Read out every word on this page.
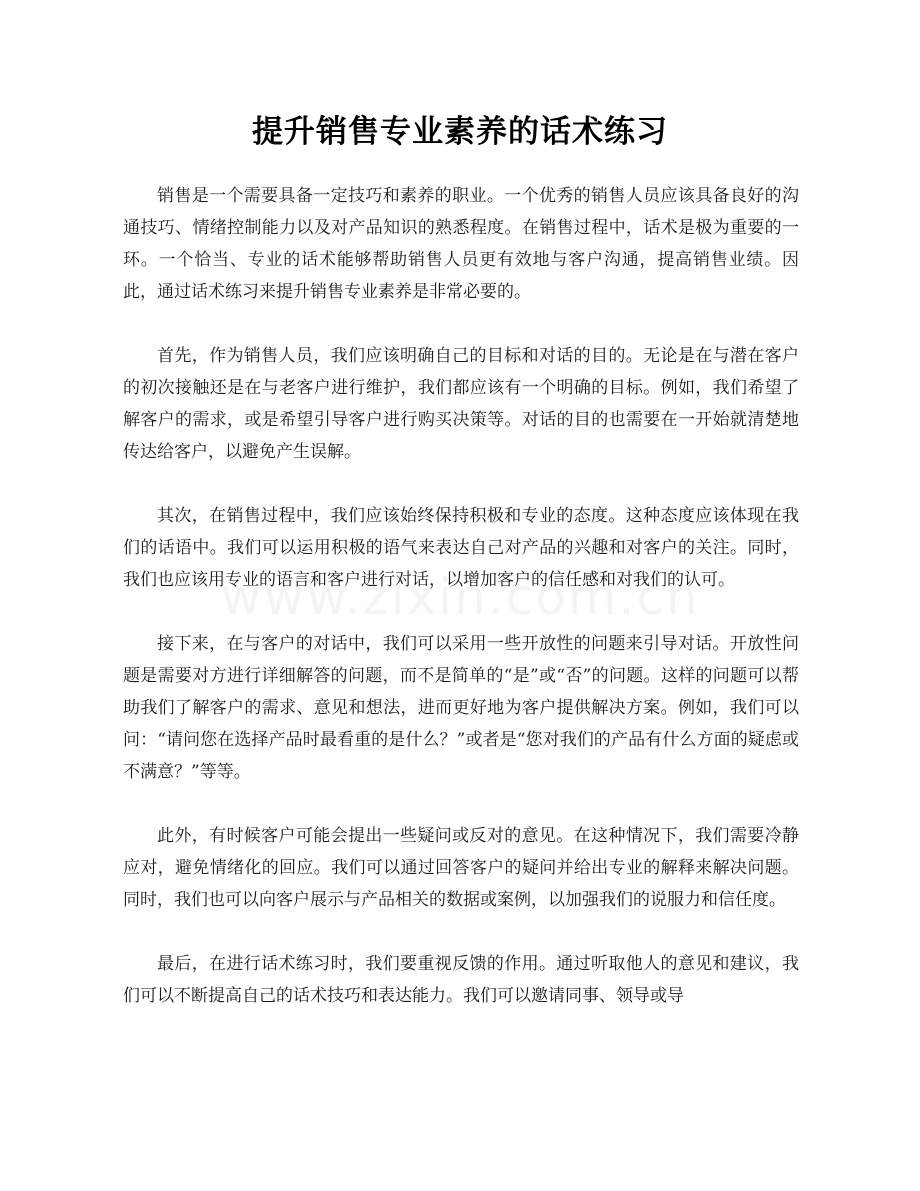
提升销售专业素养的话术练习

销售是一个需要具备一定技巧和素养的职业。一个优秀的销售人员应该具备良好的沟通技巧、情绪控制能力以及对产品知识的熟悉程度。在销售过程中，话术是极为重要的一环。一个恰当、专业的话术能够帮助销售人员更有效地与客户沟通，提高销售业绩。因此，通过话术练习来提升销售专业素养是非常必要的。

首先，作为销售人员，我们应该明确自己的目标和对话的目的。无论是在与潜在客户的初次接触还是在与老客户进行维护，我们都应该有一个明确的目标。例如，我们希望了解客户的需求，或是希望引导客户进行购买决策等。对话的目的也需要在一开始就清楚地传达给客户，以避免产生误解。

其次，在销售过程中，我们应该始终保持积极和专业的态度。这种态度应该体现在我们的话语中。我们可以运用积极的语气来表达自己对产品的兴趣和对客户的关注。同时，我们也应该用专业的语言和客户进行对话，以增加客户的信任感和对我们的认可。

接下来，在与客户的对话中，我们可以采用一些开放性的问题来引导对话。开放性问题是需要对方进行详细解答的问题，而不是简单的“是”或“否”的问题。这样的问题可以帮助我们了解客户的需求、意见和想法，进而更好地为客户提供解决方案。例如，我们可以问：“请问您在选择产品时最看重的是什么？”或者是“您对我们的产品有什么方面的疑虑或不满意？”等等。

此外，有时候客户可能会提出一些疑问或反对的意见。在这种情况下，我们需要冷静应对，避免情绪化的回应。我们可以通过回答客户的疑问并给出专业的解释来解决问题。同时，我们也可以向客户展示与产品相关的数据或案例，以加强我们的说服力和信任度。

最后，在进行话术练习时，我们要重视反馈的作用。通过听取他人的意见和建议，我们可以不断提高自己的话术技巧和表达能力。我们可以邀请同事、领导或导
